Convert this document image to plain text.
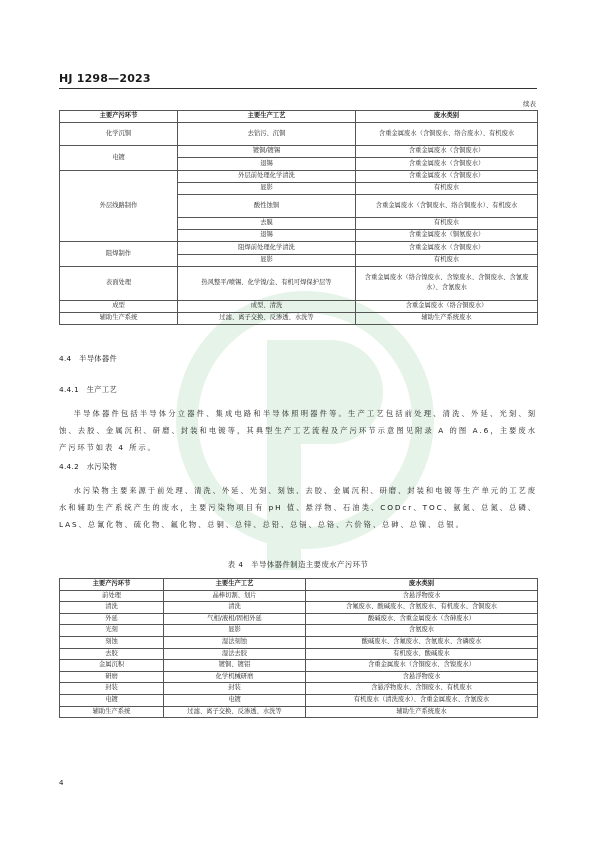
HJ 1298—2023
续表
主要产污环节	主要生产工艺	废水类别
化学沉铜	去钻污、沉铜	含重金属废水（含铜废水、络合废水）、有机废水
电镀	镀铜/镀锡	含重金属废水（含铜废水）
	退锡	含重金属废水（含铜废水）
外层线路制作	外层前处理化学清洗	含重金属废水（含铜废水）
	显影	有机废水
	酸性蚀铜	含重金属废水（含铜废水、络合铜废水）、有机废水
	去膜	有机废水
	退锡	含重金属废水（铜氨废水）
阻焊制作	阻焊前处理化学清洗	含重金属废水（含铜废水）
	显影	有机废水
表面处理	热风整平/喷锡、化学镍/金、有机可焊保护层等	含重金属废水（络合镍废水、含镍废水、含铜废水、含氰废水）、含氰废水
成型	成型、清洗	含重金属废水（络合铜废水）
辅助生产系统	过滤、离子交换、反渗透、水洗等	辅助生产系统废水
4.4　半导体器件
4.4.1　生产工艺
半导体器件包括半导体分立器件、集成电路和半导体照明器件等。生产工艺包括前处理、清洗、外延、光刻、刻蚀、去胶、金属沉积、研磨、封装和电镀等，其典型生产工艺流程及产污环节示意图见附录 A 的图 A.6，主要废水产污环节如表 4 所示。
4.4.2　水污染物
水污染物主要来源于前处理、清洗、外延、光刻、刻蚀、去胶、金属沉积、研磨、封装和电镀等生产单元的工艺废水和辅助生产系统产生的废水，主要污染物项目有 pH 值、悬浮物、石油类、CODcr、TOC、氨氮、总氮、总磷、LAS、总氰化物、硫化物、氟化物、总铜、总锌、总铅、总镉、总铬、六价铬、总砷、总镍、总银。
表 4　半导体器件制造主要废水产污环节
主要产污环节	主要生产工艺	废水类别
前处理	晶棒切割、划片	含悬浮物废水
清洗	清洗	含氟废水、酸碱废水、含氨废水、有机废水、含铜废水
外延	气相/液相/固相外延	酸碱废水、含重金属废水（含砷废水）
光刻	显影	含氨废水
刻蚀	湿法刻蚀	酸碱废水、含氟废水、含氨废水、含磷废水
去胶	湿法去胶	有机废水、酸碱废水
金属沉积	镀铜、镀铝	含重金属废水（含铜废水、含镍废水）
研磨	化学机械研磨	含悬浮物废水
封装	封装	含悬浮物废水、含铜废水、有机废水
电镀	电镀	有机废水（清洗废水）、含重金属废水、含氰废水
辅助生产系统	过滤、离子交换、反渗透、水洗等	辅助生产系统废水
4
